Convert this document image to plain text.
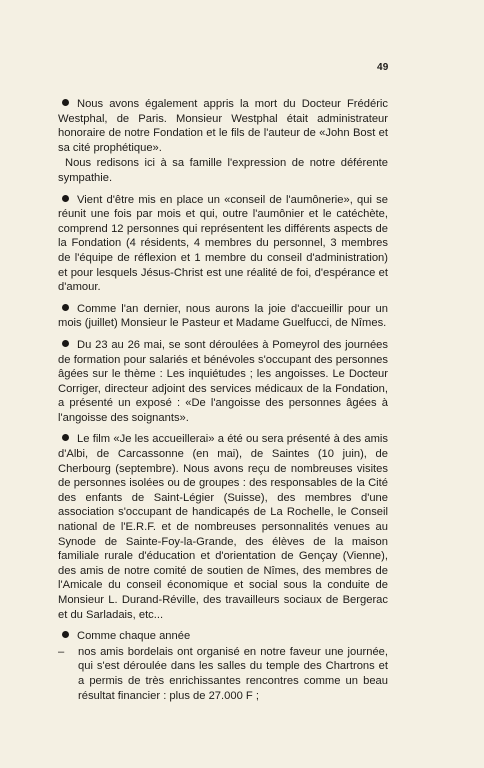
49

Nous avons également appris la mort du Docteur Frédéric Westphal, de Paris. Monsieur Westphal était administrateur honoraire de notre Fondation et le fils de l'auteur de «John Bost et sa cité prophétique».

Nous redisons ici à sa famille l'expression de notre déférente sympathie.

Vient d'être mis en place un «conseil de l'aumônerie», qui se réunit une fois par mois et qui, outre l'aumônier et le catéchète, comprend 12 personnes qui représentent les différents aspects de la Fondation (4 résidents, 4 membres du personnel, 3 membres de l'équipe de réflexion et 1 membre du conseil d'administration) et pour lesquels Jésus-Christ est une réalité de foi, d'espérance et d'amour.

Comme l'an dernier, nous aurons la joie d'accueillir pour un mois (juillet) Monsieur le Pasteur et Madame Guelfucci, de Nîmes.

Du 23 au 26 mai, se sont déroulées à Pomeyrol des journées de formation pour salariés et bénévoles s'occupant des personnes âgées sur le thème : Les inquiétudes ; les angoisses. Le Docteur Corriger, directeur adjoint des services médicaux de la Fondation, a présenté un exposé : «De l'angoisse des personnes âgées à l'angoisse des soignants».

Le film «Je les accueillerai» a été ou sera présenté à des amis d'Albi, de Carcassonne (en mai), de Saintes (10 juin), de Cherbourg (septembre). Nous avons reçu de nombreuses visites de personnes isolées ou de groupes : des responsables de la Cité des enfants de Saint-Légier (Suisse), des membres d'une association s'occupant de handicapés de La Rochelle, le Conseil national de l'E.R.F. et de nombreuses personnalités venues au Synode de Sainte-Foy-la-Grande, des élèves de la maison familiale rurale d'éducation et d'orientation de Gençay (Vienne), des amis de notre comité de soutien de Nîmes, des membres de l'Amicale du conseil économique et social sous la conduite de Monsieur L. Durand-Réville, des travailleurs sociaux de Bergerac et du Sarladais, etc...

Comme chaque année

– nos amis bordelais ont organisé en notre faveur une journée, qui s'est déroulée dans les salles du temple des Chartrons et a permis de très enrichissantes rencontres comme un beau résultat financier : plus de 27.000 F ;
